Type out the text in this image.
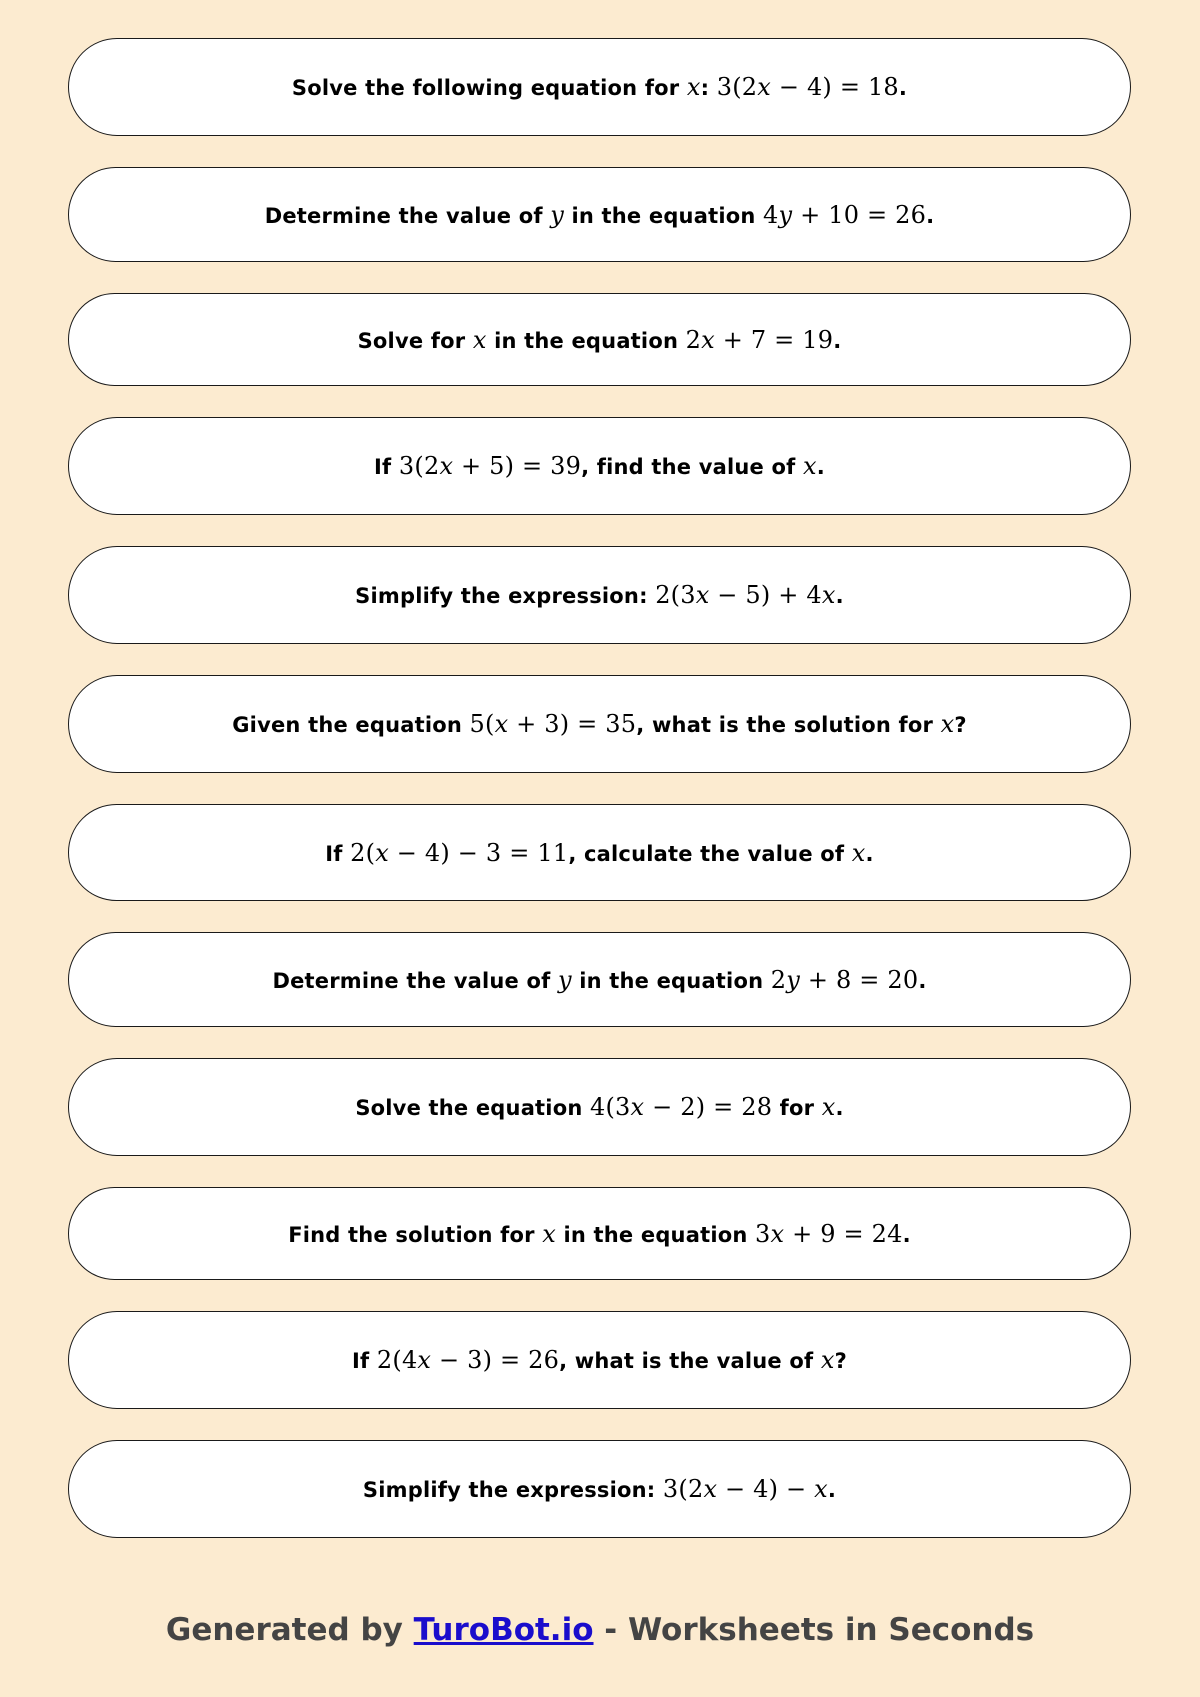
Solve the following equation for x: 3(2x − 4) = 18.
Determine the value of y in the equation 4y + 10 = 26.
Solve for x in the equation 2x + 7 = 19.
If 3(2x + 5) = 39, find the value of x.
Simplify the expression: 2(3x − 5) + 4x.
Given the equation 5(x + 3) = 35, what is the solution for x?
If 2(x − 4) − 3 = 11, calculate the value of x.
Determine the value of y in the equation 2y + 8 = 20.
Solve the equation 4(3x − 2) = 28 for x.
Find the solution for x in the equation 3x + 9 = 24.
If 2(4x − 3) = 26, what is the value of x?
Simplify the expression: 3(2x − 4) − x.
Generated by TuroBot.io - Worksheets in Seconds
